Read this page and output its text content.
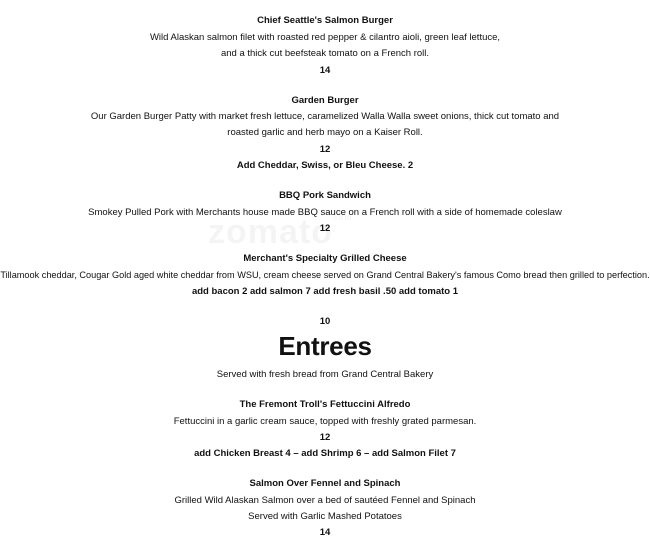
Chief Seattle's Salmon Burger
Wild Alaskan salmon filet with roasted red pepper & cilantro aioli, green leaf lettuce,
and a thick cut beefsteak tomato on a French roll.
14
Garden Burger
Our Garden Burger Patty with market fresh lettuce, caramelized Walla Walla sweet onions, thick cut tomato and
roasted garlic and herb mayo on a Kaiser Roll.
12
Add Cheddar, Swiss, or Bleu Cheese. 2
BBQ Pork Sandwich
Smokey Pulled Pork with Merchants house made BBQ sauce on a French roll with a side of homemade coleslaw
12
Merchant's Specialty Grilled Cheese
Tillamook cheddar, Cougar Gold aged white cheddar from WSU, cream cheese served on Grand Central Bakery's famous Como bread then grilled to perfection.
add bacon 2 add salmon 7 add fresh basil .50 add tomato 1
10
Entrees
Served with fresh bread from Grand Central Bakery
The Fremont Troll's Fettuccini Alfredo
Fettuccini in a garlic cream sauce, topped with freshly grated parmesan.
12
add Chicken Breast 4 – add Shrimp 6 – add Salmon Filet 7
Salmon Over Fennel and Spinach
Grilled Wild Alaskan Salmon over a bed of sautéed Fennel and Spinach
Served with Garlic Mashed Potatoes
14
